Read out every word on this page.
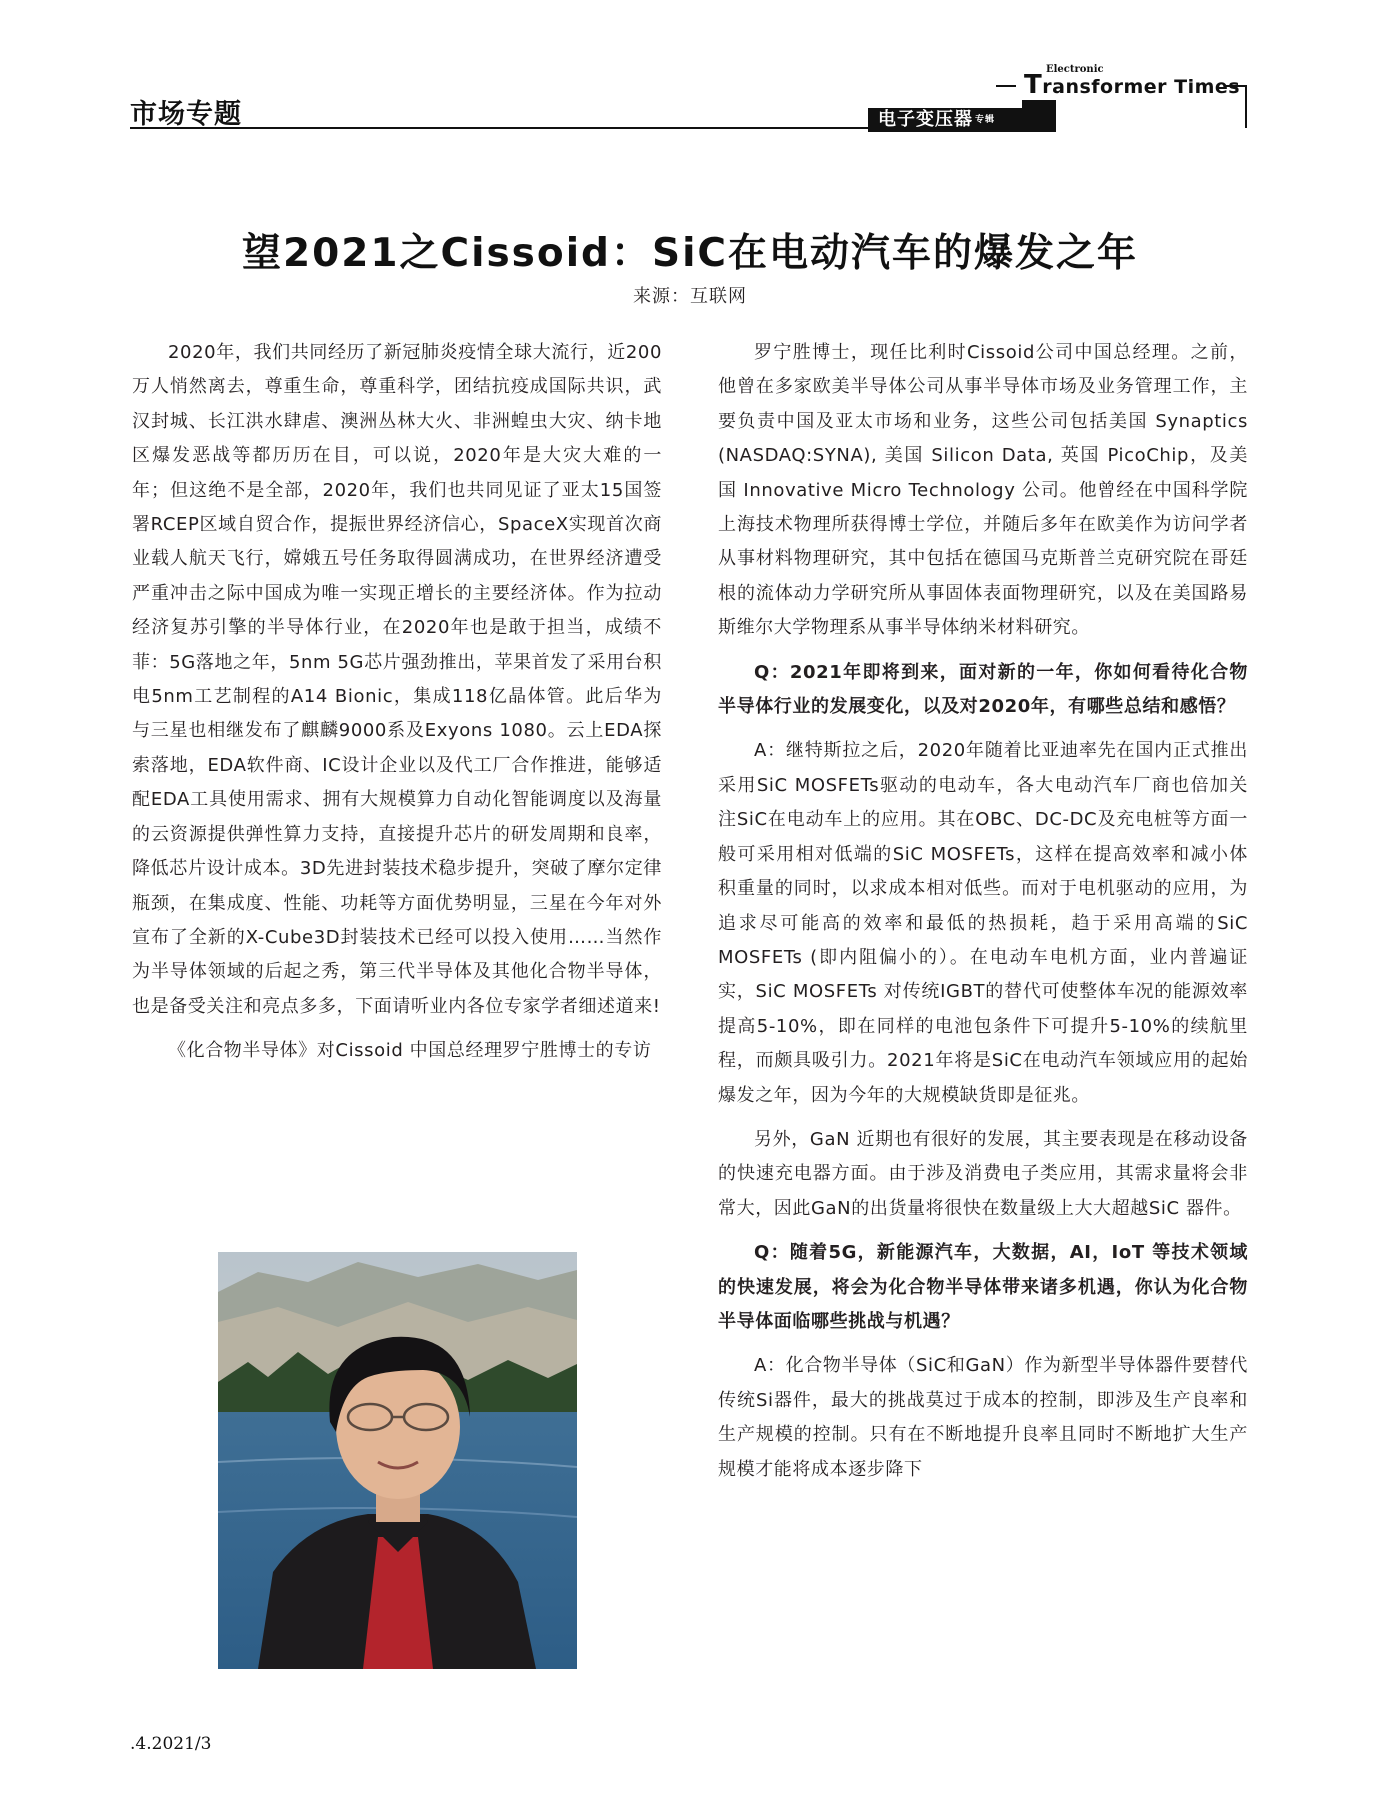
市场专题
Electronic
Transformer Times
电子变压器 $^{专辑}$
望2021之Cissoid：SiC在电动汽车的爆发之年
来源：互联网

2020年，我们共同经历了新冠肺炎疫情全球大流行，近200万人悄然离去，尊重生命，尊重科学，团结抗疫成国际共识，武汉封城、长江洪水肆虐、澳洲丛林大火、非洲蝗虫大灾、纳卡地区爆发恶战等都历历在目，可以说，2020年是大灾大难的一年；但这绝不是全部，2020年，我们也共同见证了亚太15国签署RCEP区域自贸合作，提振世界经济信心，SpaceX实现首次商业载人航天飞行，嫦娥五号任务取得圆满成功，在世界经济遭受严重冲击之际中国成为唯一实现正增长的主要经济体。作为拉动经济复苏引擎的半导体行业，在2020年也是敢于担当，成绩不菲：5G落地之年，5nm 5G芯片强劲推出，苹果首发了采用台积电5nm工艺制程的A14 Bionic，集成118亿晶体管。此后华为与三星也相继发布了麒麟9000系及Exyons 1080。云上EDA探索落地，EDA软件商、IC设计企业以及代工厂合作推进，能够适配EDA工具使用需求、拥有大规模算力自动化智能调度以及海量的云资源提供弹性算力支持，直接提升芯片的研发周期和良率，降低芯片设计成本。3D先进封装技术稳步提升，突破了摩尔定律瓶颈，在集成度、性能、功耗等方面优势明显，三星在今年对外宣布了全新的X-Cube3D封装技术已经可以投入使用……当然作为半导体领域的后起之秀，第三代半导体及其他化合物半导体，也是备受关注和亮点多多，下面请听业内各位专家学者细述道来!

《化合物半导体》对Cissoid 中国总经理罗宁胜博士的专访

罗宁胜博士，现任比利时Cissoid公司中国总经理。之前，他曾在多家欧美半导体公司从事半导体市场及业务管理工作，主要负责中国及亚太市场和业务，这些公司包括美国 Synaptics (NASDAQ:SYNA), 美国 Silicon Data, 英国 PicoChip，及美国 Innovative Micro Technology 公司。他曾经在中国科学院上海技术物理所获得博士学位，并随后多年在欧美作为访问学者从事材料物理研究，其中包括在德国马克斯普兰克研究院在哥廷根的流体动力学研究所从事固体表面物理研究，以及在美国路易斯维尔大学物理系从事半导体纳米材料研究。

Q：2021年即将到来，面对新的一年，你如何看待化合物半导体行业的发展变化，以及对2020年，有哪些总结和感悟？

A：继特斯拉之后，2020年随着比亚迪率先在国内正式推出采用SiC MOSFETs驱动的电动车，各大电动汽车厂商也倍加关注SiC在电动车上的应用。其在OBC、DC-DC及充电桩等方面一般可采用相对低端的SiC MOSFETs，这样在提高效率和减小体积重量的同时，以求成本相对低些。而对于电机驱动的应用，为追求尽可能高的效率和最低的热损耗，趋于采用高端的SiC MOSFETs (即内阻偏小的）。在电动车电机方面，业内普遍证实，SiC MOSFETs 对传统IGBT的替代可使整体车况的能源效率提高5-10%，即在同样的电池包条件下可提升5-10%的续航里程，而颇具吸引力。2021年将是SiC在电动汽车领域应用的起始爆发之年，因为今年的大规模缺货即是征兆。

另外，GaN 近期也有很好的发展，其主要表现是在移动设备的快速充电器方面。由于涉及消费电子类应用，其需求量将会非常大，因此GaN的出货量将很快在数量级上大大超越SiC 器件。

Q：随着5G，新能源汽车，大数据，AI，IoT 等技术领域的快速发展，将会为化合物半导体带来诸多机遇，你认为化合物半导体面临哪些挑战与机遇？

A：化合物半导体（SiC和GaN）作为新型半导体器件要替代传统Si器件，最大的挑战莫过于成本的控制，即涉及生产良率和生产规模的控制。只有在不断地提升良率且同时不断地扩大生产规模才能将成本逐步降下

.4.2021/3
